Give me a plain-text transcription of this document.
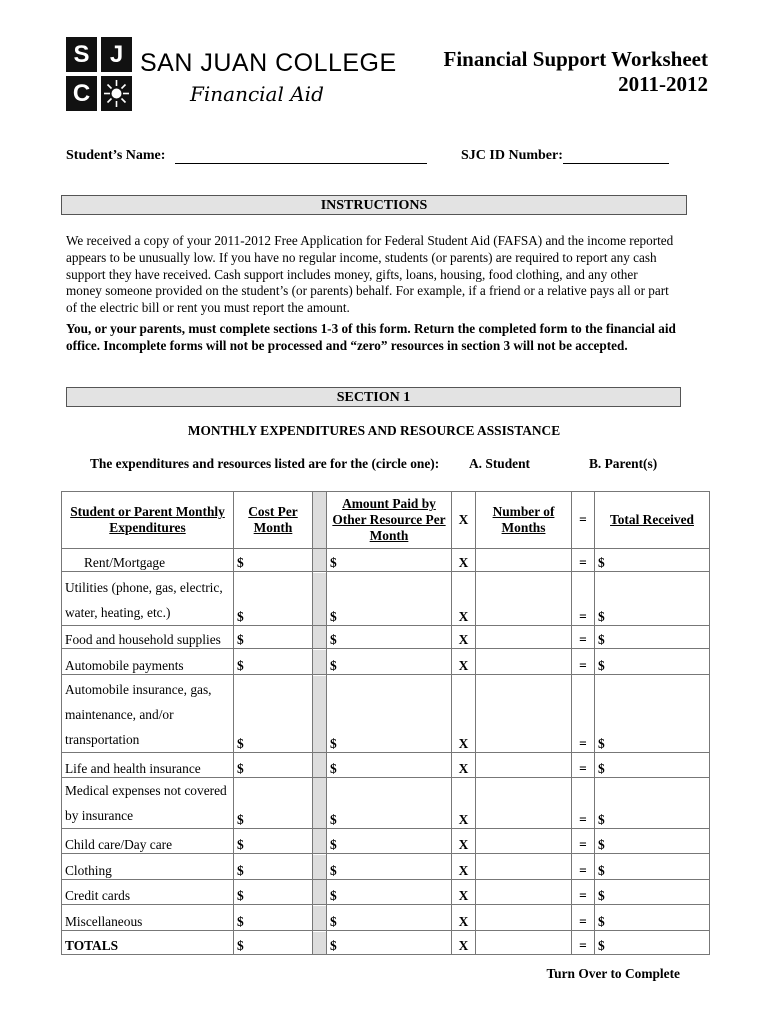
S J
C
SAN JUAN COLLEGE
Financial Aid
Financial Support Worksheet
2011-2012
Student’s Name:	SJC ID Number:
INSTRUCTIONS
We received a copy of your 2011-2012 Free Application for Federal Student Aid (FAFSA) and the income reported appears to be unusually low. If you have no regular income, students (or parents) are required to report any cash support they have received. Cash support includes money, gifts, loans, housing, food clothing, and any other money someone provided on the student’s (or parents) behalf. For example, if a friend or a relative pays all or part of the electric bill or rent you must report the amount.
You, or your parents, must complete sections 1-3 of this form. Return the completed form to the financial aid office. Incomplete forms will not be processed and “zero” resources in section 3 will not be accepted.
SECTION 1
MONTHLY EXPENDITURES AND RESOURCE ASSISTANCE
The expenditures and resources listed are for the (circle one): A. Student	B. Parent(s)
Student or Parent Monthly Expenditures	Cost Per Month		Amount Paid by Other Resource Per Month	X	Number of Months	=	Total Received
Rent/Mortgage	$		$	X		=	$
Utilities (phone, gas, electric, water, heating, etc.)	$		$	X		=	$
Food and household supplies	$		$	X		=	$
Automobile payments	$		$	X		=	$
Automobile insurance, gas, maintenance, and/or transportation	$		$	X		=	$
Life and health insurance	$		$	X		=	$
Medical expenses not covered by insurance	$		$	X		=	$
Child care/Day care	$		$	X		=	$
Clothing	$		$	X		=	$
Credit cards	$		$	X		=	$
Miscellaneous	$		$	X		=	$
TOTALS	$		$	X		=	$
Turn Over to Complete
